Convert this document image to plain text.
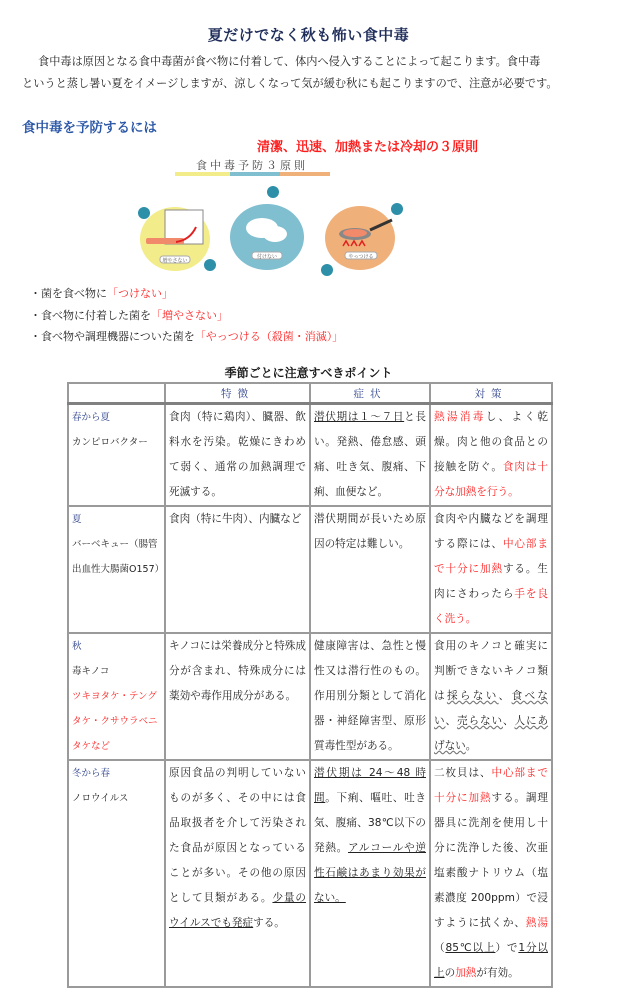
夏だけでなく秋も怖い食中毒
食中毒は原因となる食中毒菌が食べ物に付着して、体内へ侵入することによって起こります。食中毒
というと蒸し暑い夏をイメージしますが、涼しくなって気が緩む秋にも起こりますので、注意が必要です。
食中毒を予防するには
清潔、迅速、加熱または冷却の３原則
食中毒予防３原則
増やさない
付けない	やっつける
・菌を食べ物に「つけない」
・食べ物に付着した菌を「増やさない」
・食べ物や調理機器についた菌を「やっつける（殺菌・消滅）」
季節ごとに注意すべきポイント
	特徴	症状	対策

春から夏
カンピロバクター	食肉（特に鶏肉）、臓器、飲料水を汚染。乾燥にきわめて弱く、通常の加熱調理で死滅する。	潜伏期は１～７日と長い。発熱、倦怠感、頭痛、吐き気、腹痛、下痢、血便など。	熱湯消毒し、よく乾燥。肉と他の食品との接触を防ぐ。食肉は十分な加熱を行う。

夏
バーベキュー（腸管出血性大腸菌O157）	食肉（特に牛肉）、内臓など	潜伏期間が長いため原因の特定は難しい。	食肉や内臓などを調理する際には、中心部まで十分に加熱する。生肉にさわったら手を良く洗う。

秋
毒キノコ
ツキヨタケ・テングタケ・クサウラベニタケなど	キノコには栄養成分と特殊成分が含まれ、特殊成分には薬効や毒作用成分がある。	健康障害は、急性と慢性又は潜行性のもの。作用別分類として消化器・神経障害型、原形質毒性型がある。	食用のキノコと確実に判断できないキノコ類は採らない、食べない、売らない、人にあげない。

冬から春
ノロウイルス	原因食品の判明していないものが多く、その中には食品取扱者を介して汚染された食品が原因となっていることが多い。その他の原因として貝類がある。少量のウイルスでも発症する。	潜伏期は 24～48 時間。下痢、嘔吐、吐き気、腹痛、38℃以下の発熱。アルコールや逆性石鹸はあまり効果がない。	二枚貝は、中心部まで十分に加熱する。調理器具に洗剤を使用し十分に洗浄した後、次亜塩素酸ナトリウム（塩素濃度 200ppm）で浸すように拭くか、熱湯（85℃以上）で1分以上の加熱が有効。
